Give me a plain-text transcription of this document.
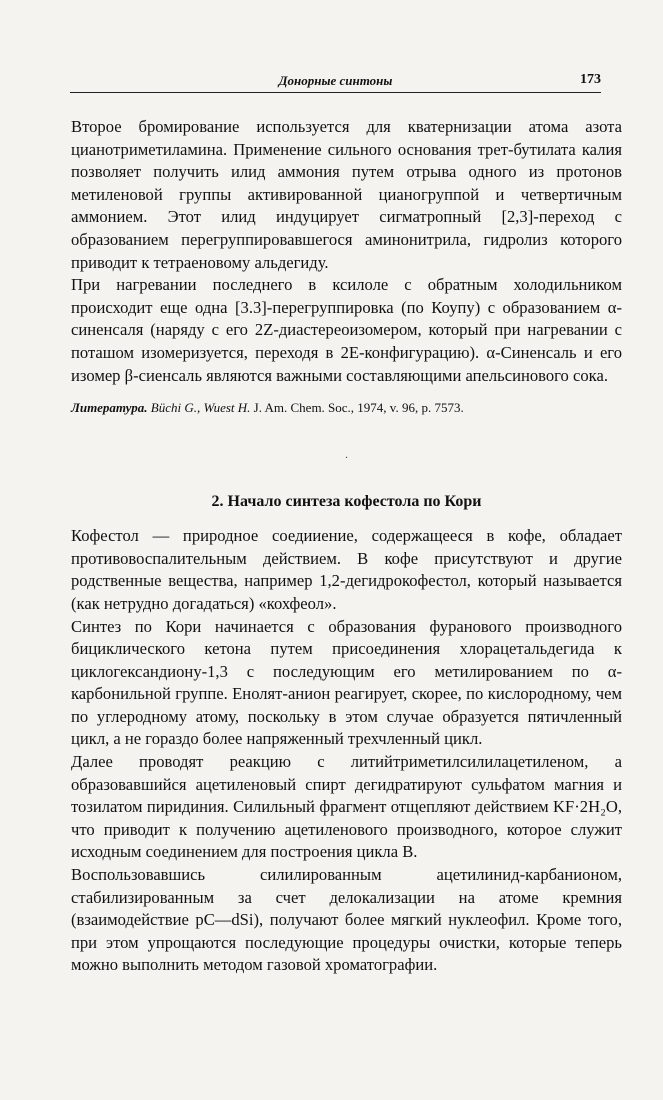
Донорные синтоны	173

Второе бромирование используется для кватернизации атома азота цианотриметиламина. Применение сильного основания трет-бутилата калия позволяет получить илид аммония путем отрыва одного из протонов метиленовой группы активированной цианогруппой и четвертичным аммонием. Этот илид индуцирует сигматропный [2,3]-переход с образованием перегруппировавшегося аминонитрила, гидролиз которого приводит к тетраеновому альдегиду.

При нагревании последнего в ксилоле с обратным холодильником происходит еще одна [3.3]-перегруппировка (по Коупу) с образованием α-синенсаля (наряду с его 2Z-диастереоизомером, который при нагревании с поташом изомеризуется, переходя в 2E-конфигурацию). α-Синенсаль и его изомер β-сиенсаль являются важными составляющими апельсинового сока.

Литература. Büchi G., Wuest H. J. Am. Chem. Soc., 1974, v. 96, p. 7573.

·
2. Начало синтеза кофестола по Кори

Кофестол — природное соедииение, содержащееся в кофе, обладает противовоспалительным действием. В кофе присутствуют и другие родственные вещества, например 1,2-дегидрокофестол, который называется (как нетрудно догадаться) «кохфеол».

Синтез по Кори начинается с образования фуранового производного бициклического кетона путем присоединения хлорацетальдегида к циклогександиону-1,3 с последующим его метилированием по α-карбонильной группе. Енолят-анион реагирует, скорее, по кислородному, чем по углеродному атому, поскольку в этом случае образуется пятичленный цикл, а не гораздо более напряженный трехчленный цикл.

Далее проводят реакцию с литийтриметилсилилацетиленом, а образовавшийся ацетиленовый спирт дегидратируют сульфатом магния и тозилатом пиридиния. Силильный фрагмент отщепляют действием KF·2H₂O, что приводит к получению ацетиленового производного, которое служит исходным соединением для построения цикла В.

Воспользовавшись силилированным ацетилинид-карбанионом, стабилизированным за счет делокализации на атоме кремния (взаимодействие pC—dSi), получают более мягкий нуклеофил. Кроме того, при этом упрощаются последующие процедуры очистки, которые теперь можно выполнить методом газовой хроматографии.
